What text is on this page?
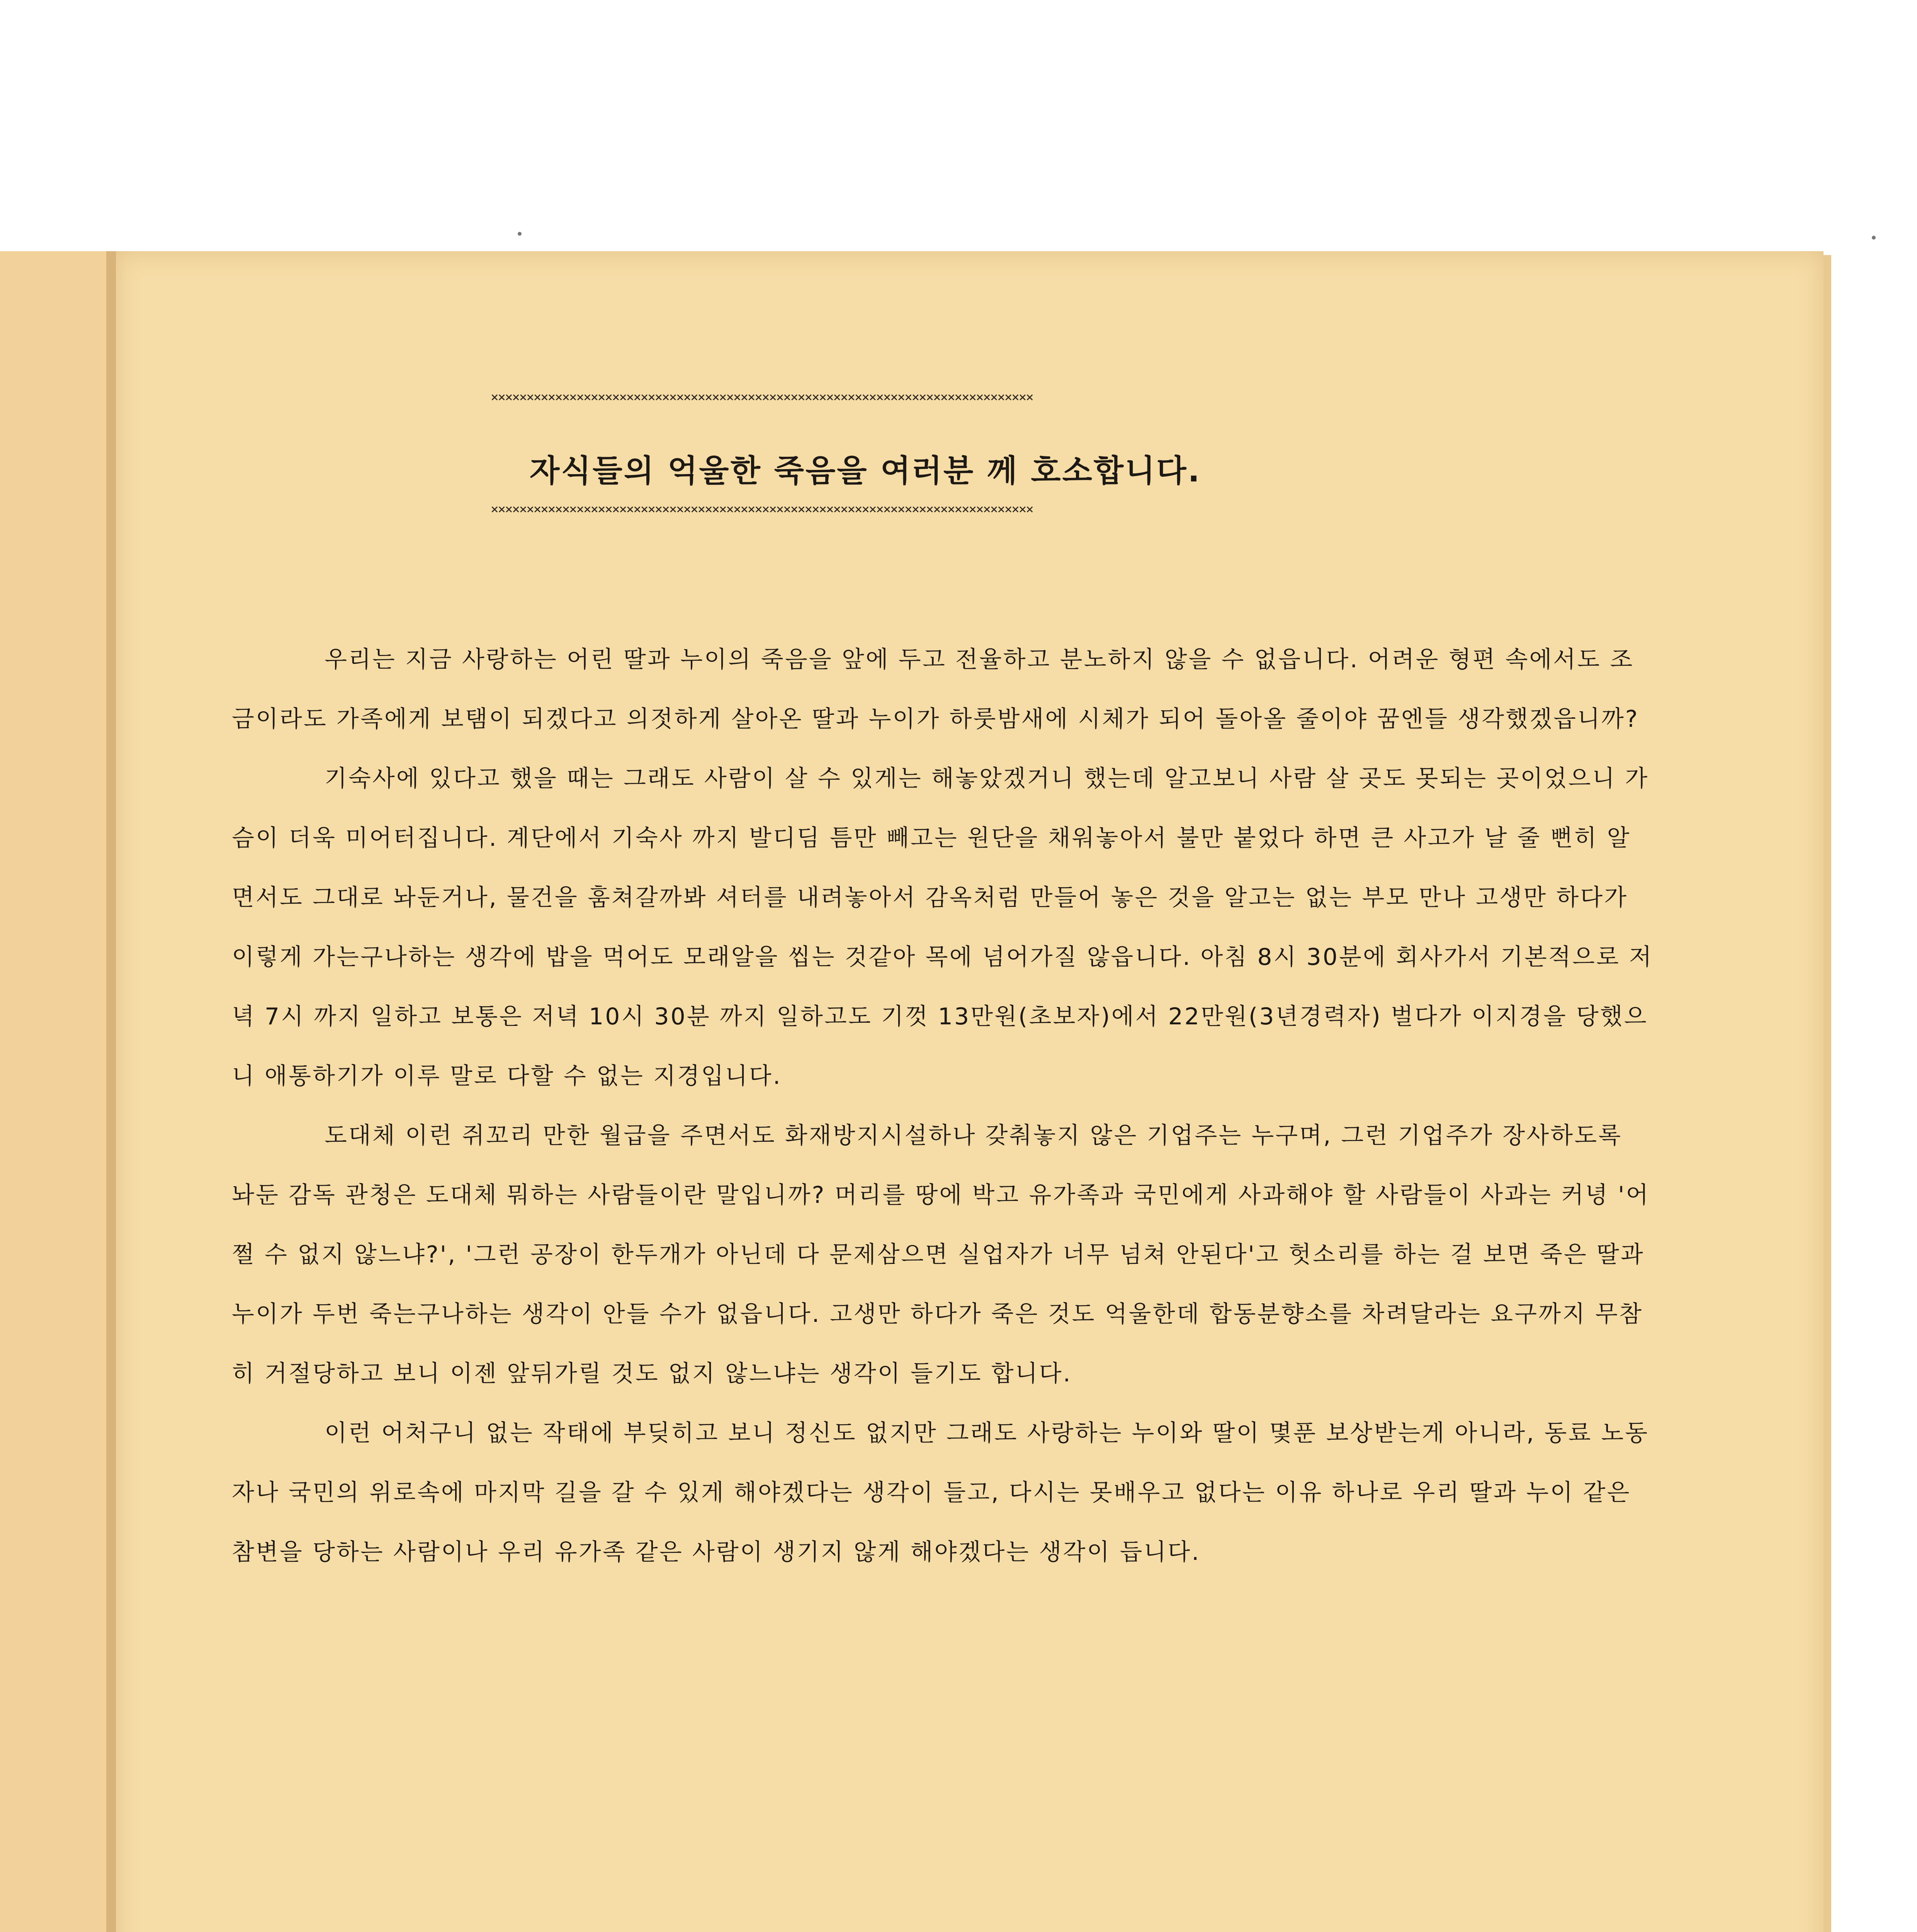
××××××××××××××××××××××××××××××××××××××××××××××××××××××××××××××××××××××××××××
자식들의 억울한 죽음을 여러분 께 호소합니다.
××××××××××××××××××××××××××××××××××××××××××××××××××××××××××××××××××××××××××××

우리는 지금 사랑하는 어린 딸과 누이의 죽음을 앞에 두고 전율하고 분노하지 않을 수 없읍니다. 어려운 형편 속에서도 조금이라도 가족에게 보탬이 되겠다고 의젓하게 살아온 딸과 누이가 하룻밤새에 시체가 되어 돌아올 줄이야 꿈엔들 생각했겠읍니까?

기숙사에 있다고 했을 때는 그래도 사람이 살 수 있게는 해놓았겠거니 했는데 알고보니 사람 살 곳도 못되는 곳이었으니 가슴이 더욱 미어터집니다. 계단에서 기숙사 까지 발디딤 틈만 빼고는 원단을 채워놓아서 불만 붙었다 하면 큰 사고가 날 줄 뻔히 알면서도 그대로 놔둔거나, 물건을 훔쳐갈까봐 셔터를 내려놓아서 감옥처럼 만들어 놓은 것을 알고는 없는 부모 만나 고생만 하다가 이렇게 가는구나하는 생각에 밥을 먹어도 모래알을 씹는 것같아 목에 넘어가질 않읍니다. 아침 8시 30분에 회사가서 기본적으로 저녁 7시 까지 일하고 보통은 저녁 10시 30분 까지 일하고도 기껏 13만원(초보자)에서 22만원(3년경력자) 벌다가 이지경을 당했으니 애통하기가 이루 말로 다할 수 없는 지경입니다.

도대체 이런 쥐꼬리 만한 월급을 주면서도 화재방지시설하나 갖춰놓지 않은 기업주는 누구며, 그런 기업주가 장사하도록 놔둔 감독 관청은 도대체 뭐하는 사람들이란 말입니까? 머리를 땅에 박고 유가족과 국민에게 사과해야 할 사람들이 사과는 커녕 '어쩔 수 없지 않느냐?', '그런 공장이 한두개가 아닌데 다 문제삼으면 실업자가 너무 넘쳐 안된다'고 헛소리를 하는 걸 보면 죽은 딸과 누이가 두번 죽는구나하는 생각이 안들 수가 없읍니다. 고생만 하다가 죽은 것도 억울한데 합동분향소를 차려달라는 요구까지 무참히 거절당하고 보니 이젠 앞뒤가릴 것도 없지 않느냐는 생각이 들기도 합니다.

이런 어처구니 없는 작태에 부딪히고 보니 정신도 없지만 그래도 사랑하는 누이와 딸이 몇푼 보상받는게 아니라, 동료 노동자나 국민의 위로속에 마지막 길을 갈 수 있게 해야겠다는 생각이 들고, 다시는 못배우고 없다는 이유 하나로 우리 딸과 누이 같은 참변을 당하는 사람이나 우리 유가족 같은 사람이 생기지 않게 해야겠다는 생각이 듭니다.
